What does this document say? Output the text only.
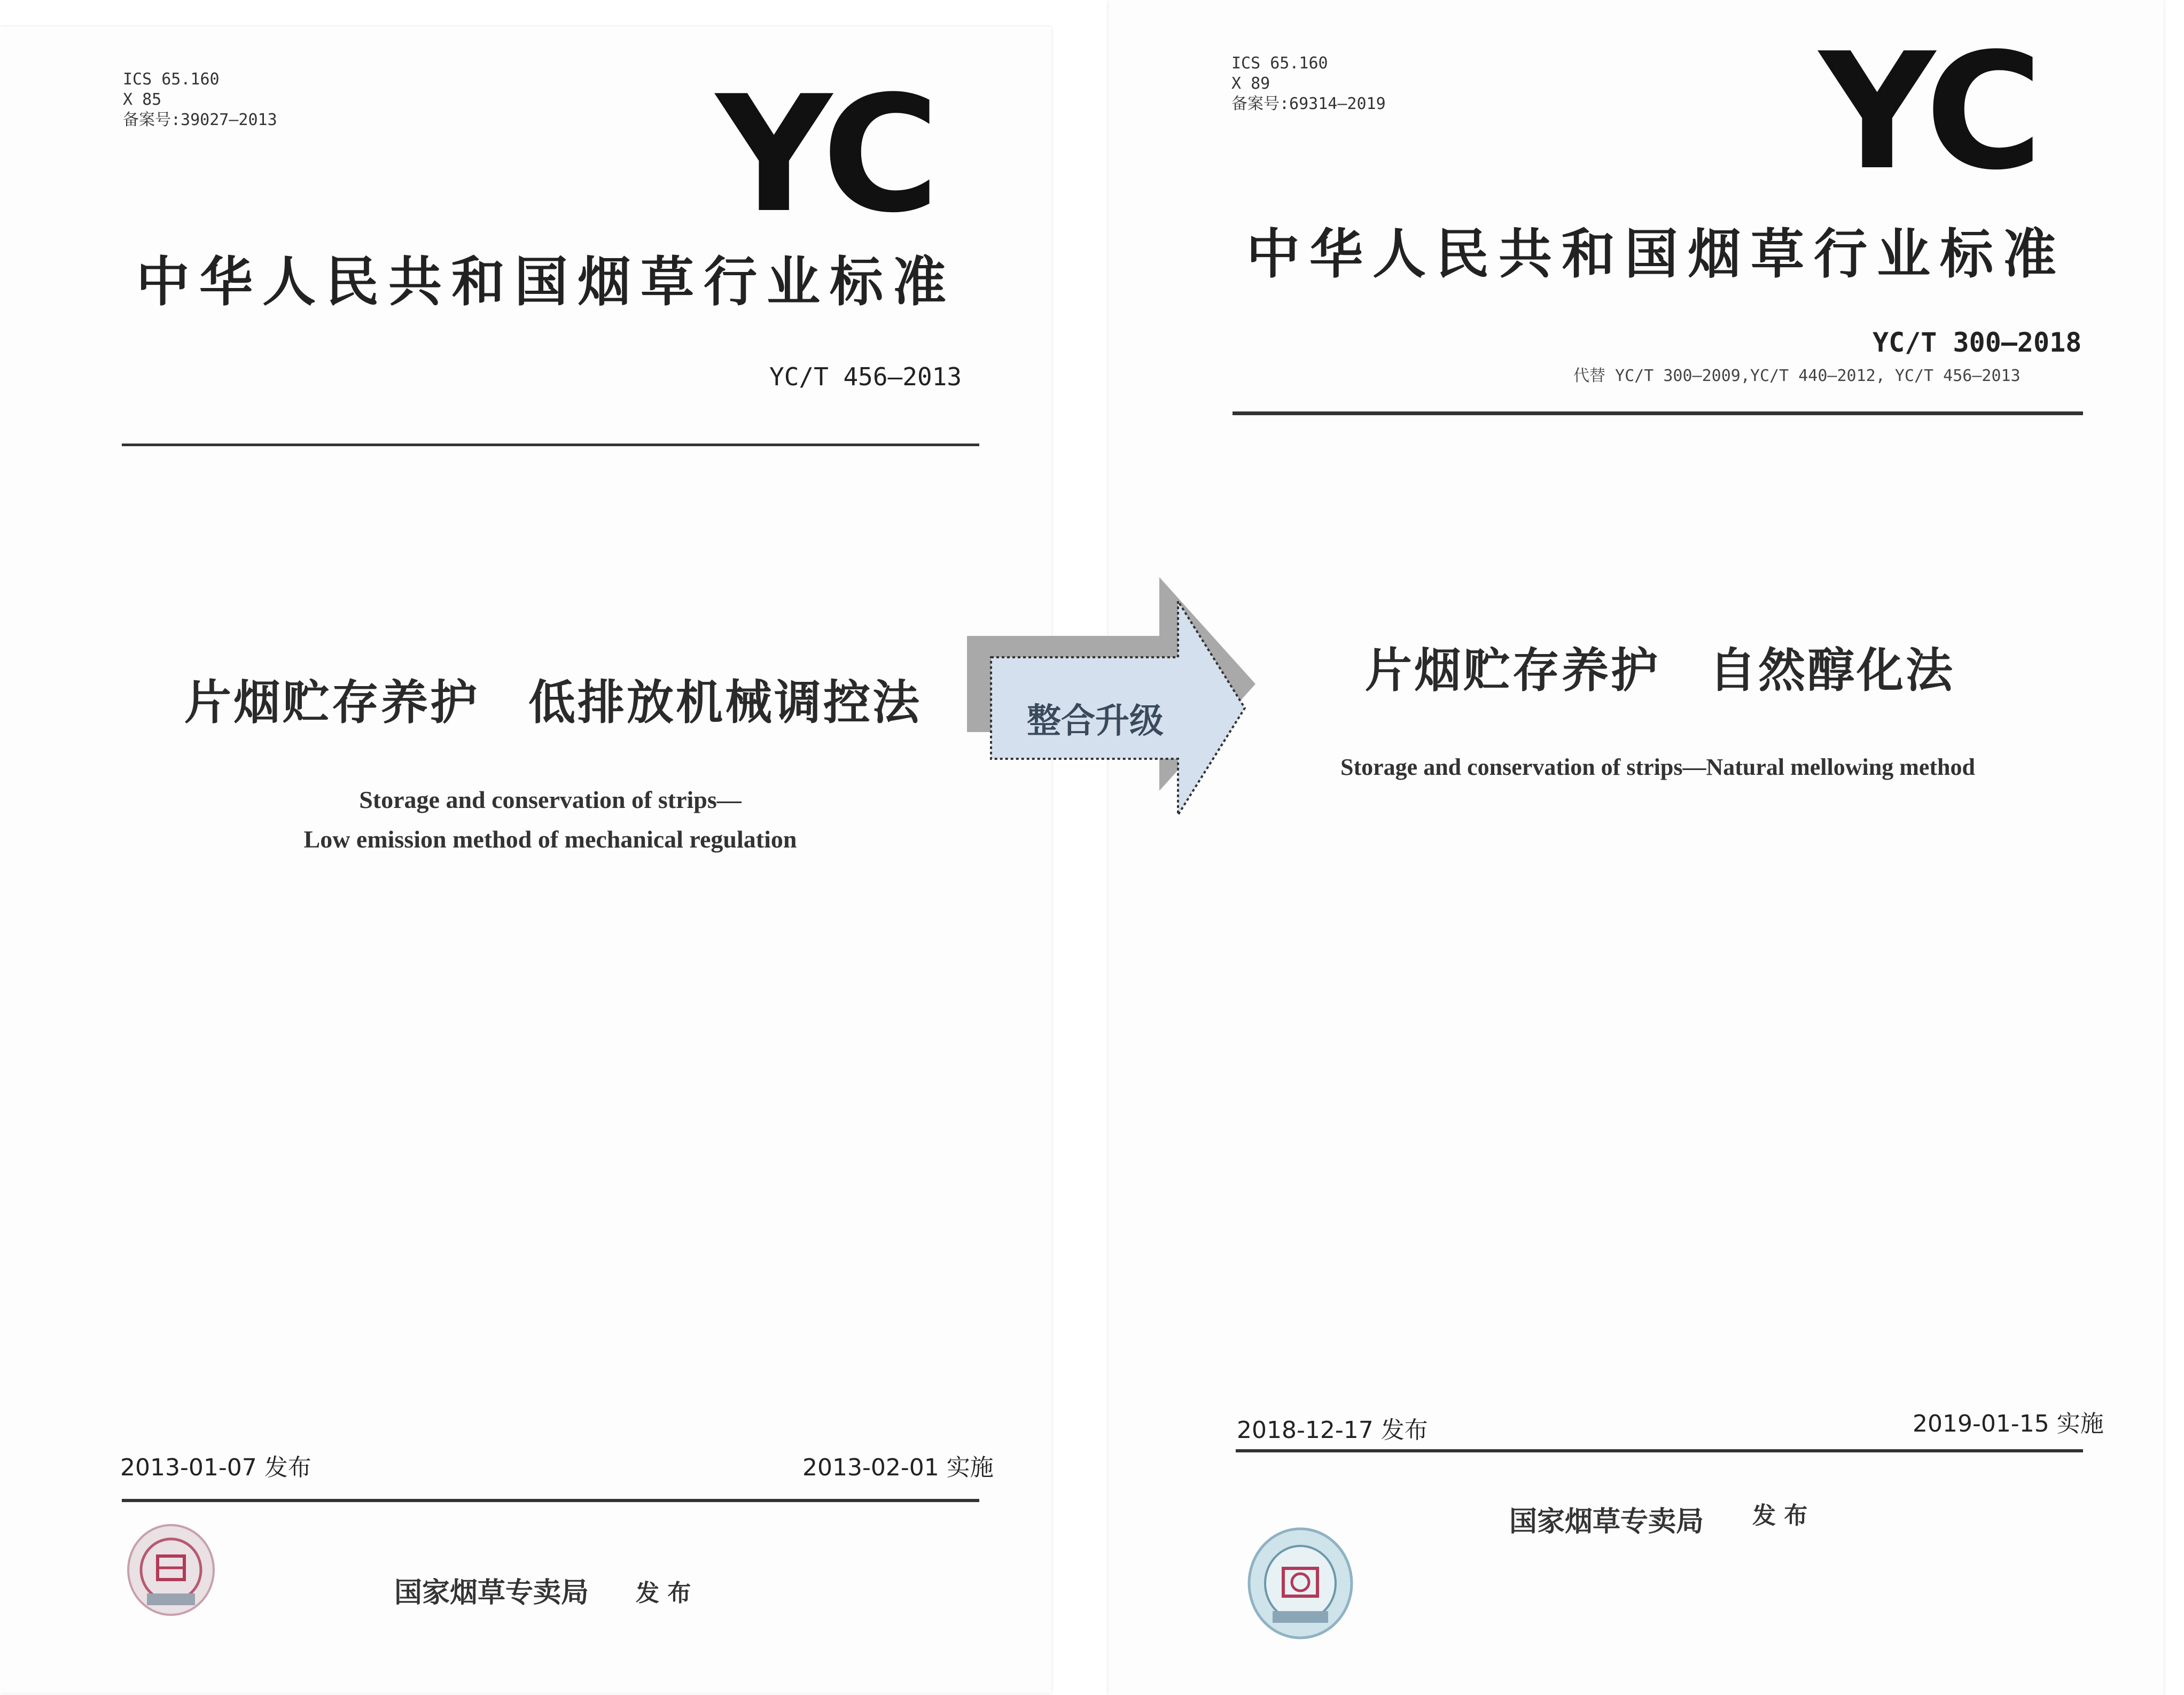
ICS 65.160
X 85
备案号:39027—2013	YC
中华人民共和国烟草行业标准
YC/T 456—2013
片烟贮存养护　低排放机械调控法
Storage and conservation of strips—
Low emission method of mechanical regulation
2013-01-07 发布	2013-02-01 实施
国家烟草专卖局 发 布
ICS 65.160
X 89
备案号:69314—2019	YC
中华人民共和国烟草行业标准
YC/T 300—2018
代替 YC/T 300—2009,YC/T 440—2012, YC/T 456—2013
片烟贮存养护　自然醇化法
Storage and conservation of strips—Natural mellowing method
2018-12-17 发布	2019-01-15 实施
国家烟草专卖局 发 布
整合升级
